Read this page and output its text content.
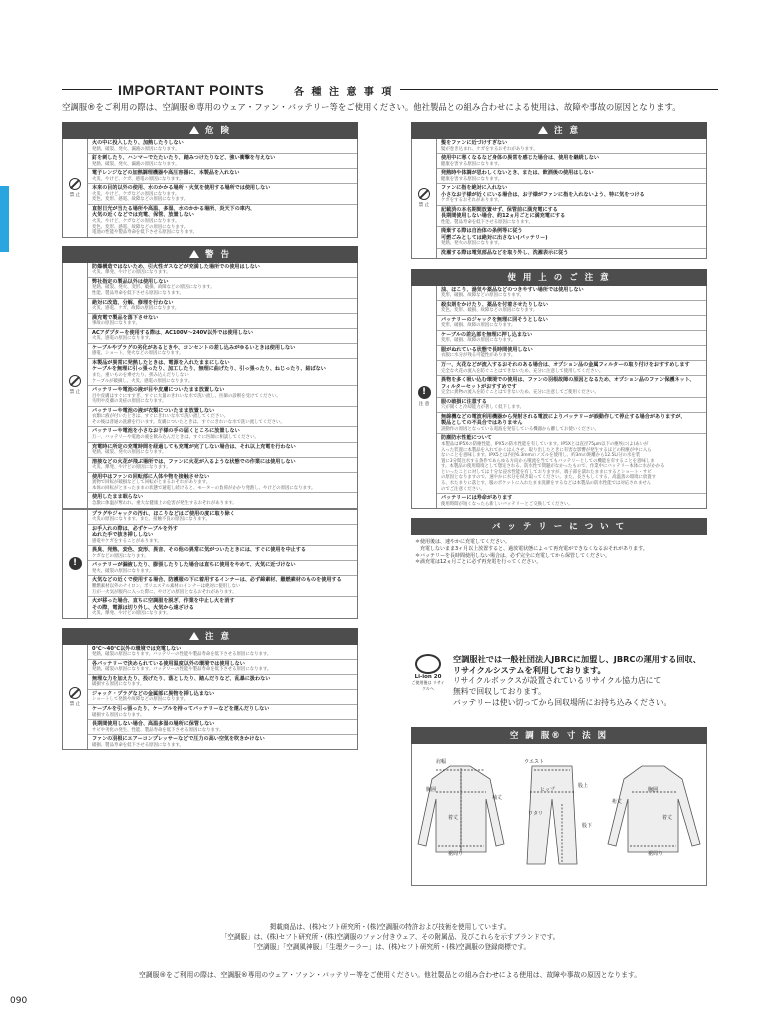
IMPORTANT POINTS	各 種 注 意 事 項
空調服®をご利用の際は、空調服®専用のウェア・ファン・バッテリー等をご使用ください。他社製品との組み合わせによる使用は、故障や事故の原因となります。
危 険
禁 止
火の中に投入したり、加熱したりしない
発熱、破裂、発火、漏液の原因になります。
釘を刺したり、ハンマーでたたいたり、踏みつけたりなど、強い衝撃を与えない
発熱、破裂、発火、漏液の原因になります。
電子レンジなどの加熱調理機器や高圧容器に、本製品を入れない
火災、やけど、ケガ、感電の原因になります。
本来の目的以外の使用、水のかかる場所・火気を使用する場所では使用しない
火災、やけど、ケガなどの原因になります。
変色、変形、感電、故障などの原因になります。
直射日光が当たる場所や高温、多湿、水のかかる場所、炎天下の車内、
火気の近くなどでは充電、保管、放置しない
火災、やけど、ケガなどの原因になります。
変色、変形、感電、故障などの原因になります。
電池の性能や製品寿命を低下させる原因になります。
警 告
禁 止
防爆構造ではないため、引火性ガスなどが充満した場所での使用はしない
火災、爆発、やけどの原因になります。
弊社指定の製品以外は使用しない
発熱、破裂、発火、変形、破損、故障などの原因になります。
性能、製品寿命を低下させる原因になります。
絶対に改造、分解、修理を行わない
火災、感電、ケガ、故障の原因になります。
満充電で製品を落下させない
事故の原因になります。
ACアダプターを使用する際は、AC100V〜240V以外では使用しない
火災、感電の原因になります。
ケーブルやプラグの劣化があるときや、コンセントの差し込みがゆるいときは使用しない
感電、ショート、発火などの原因になります。
本製品が異常に発熱したときは、電源を入れたままにしない
ケーブルを無理に引っ張ったり、加工したり、無理に曲げたり、引っ張ったり、ねじったり、結ばない
また、重いものを乗せたり、挟み込んだりしない
ケーブルが破損し、火災、感電の原因になります。
バッテリーや電池の液が目や皮膚についたまま放置しない
目や皮膚はすぐにすすぎ、すぐに大量のきれいな水で洗い流し、医師の診断を受けてください。
失明や皮膚の炎症の原因になります。
バッテリーや電池の液が衣類についたまま放置しない
衣類に液が付いたときは、すぐにきれいな水で洗い流してください。
その後は普通の洗濯を行います。皮膚についたときは、すぐにきれいな水で洗い流してください。
バッテリーや電池を小さなお子様の手の届くところに放置しない
万一、バッテリーや電池の液を飲み込んだときは、すぐに医師に相談してください。
充電時に所定の充電時間を経過しても充電が完了しない場合は、それ以上充電を行わない
発熱、破裂、発火の原因になります。
溶接などの火花が飛ぶ場所では、ファンに火花が入るような状態での作業には使用しない
火災、爆発、やけどの原因になります。
使用中はファンの回転部に人体や物を接触させない
異物で回転が破損などして回転がとまるおそれがあります。
本体の回転がとまったままの状態で通電し続けると、モーターの負荷がかかり発熱し、やけどの原因になります。
使用したまま眠らない
急激に体温が奪われ、重大な健康上の危害が発生するおそれがあります。
!
プラグやジャックの汚れ、ほこりなどはご使用の度に取り除く
火災の原因になります。また、接触不良の原因になります。
お手入れの際は、必ずケーブルを外す
ぬれた手で抜き挿ししない
感電やケガをすることがあります。
異臭、発熱、変色、変形、異音、その他の異常に気がついたときには、すぐに使用を中止する
ケガなどの原因になります。
バッテリーが漏液したり、膨張したりした場合は直ちに使用をやめて、火気に近づけない
発火、破裂の原因になります。
火気などの近くで使用する場合、防護服の下に着用するインナーは、必ず綿素材、難燃素材のものを使用する
難燃素材以外のナイロン、ポリエステル素材のインナーは絶対に使用しない
万が一火気が服内に入った際に、やけどの原因となるおそれがあります。
火が移った場合、直ちに空調服を脱ぎ、作業を中止し火を消す
その際、電源は切り外し、火気から遠ざける
火災、爆発、やけどの原因になります。
注 意
禁 止
0℃〜40℃以外の環境では充電しない
発熱、破裂の原因になります。バッテリーの性能や製品寿命を低下させる原因になります。
各バッテリーで決められている使用温度以外の環境では使用しない
発熱、破裂の原因になります。バッテリーの性能や製品寿命を低下させる原因になります。
無理な力を加えたり、投げたり、落としたり、踏んだりなど、乱暴に扱わない
破損する原因になります。
ジャック・プラグなどの金属部に異物を挿し込まない
ショートして発熱や故障などの原因になります。
ケーブルを引っ張ったり、ケーブルを持ってバッテリーなどを運んだりしない
破損する原因になります。
長期間使用しない場合、高温多湿の場所に保管しない
サビや劣化の発生、性能、製品寿命を低下させる原因になります。
ファンの羽根にエアーコンプレッサーなどで圧力の高い空気を吹きかけない
破損、製品寿命を低下させる原因になります。
注 意
禁 止
髪をファンに近づけすぎない
髪が巻き込まれ、ケガをするおそれがあります。
使用中に寒くなるなど身体の異常を感じた場合は、使用を継続しない
健康を害する原因になります。
発熱時や体調が思わしくないとき、または、飲酒後の使用はしない
健康を害する原因になります。
ファンに指を絶対に入れない
小さなお子様が近くにいる場合は、お子様がファンに指を入れないよう、特に気をつける
ケガをするおそれがあります。
記載済の本名期間放置せず、保管前に満充電にする
長期間使用しない場合、約12ヵ月ごとに満充電にする
性能、製品寿命を低下させる原因になります。
廃棄する際は自治体の条例等に従う
可燃ごみとしては絶対に出さない(バッテリー)
発熱、発火の原因になります。
洗濯する際は電気部品などを取り外し、洗濯表示に従う
使 用 上 の ご 注 意
!
注 意
油、ほこり、湯気や薬品などのつきやすい場所では使用しない
変形、破損、故障などの原因になります。
殺虫剤をかけたり、薬品を付着させたりしない
変色、変形、破損、故障などの原因になります。
バッテリーのジャックを無理に回そうとしない
変形、破損、故障の原因になります。
ケーブルの差込部を無理に押し込まない
変形、破損、故障の原因になります。
服がぬれている状態で長時間使用しない
衣服に水分が残る可能性があります。
万一、火花などが流入するおそれのある場合は、オプション品の金属フィルターの取り付けをおすすめします
完全な火花の流入を防ぐことはできないため、充分に注意して使用してください。
異物を多く吸い込む環境での使用は、ファンの羽根故障の原因となるため、オプション品のファン保護ネット、
フィルターセットがおすすめです
完全に異物の流入を防ぐことはできないため、充分に注意してご使用ください。
服の破損に注意する
穴が開くと冷却能力が著しく低下します。
無線機などの電波利用機器から発射される電波によりバッテリーが誤動作して停止する場合がありますが、
製品としての不具合ではありません
誤動作の原因となっている電波を発信している機器から離してお使いください。
防塵防水性能について
本製品はIP5Xの防塵性能、IPX5の防水性能を有しています。IP5Xとは直径75μm以下の塵埃に(よ)あいが
入った装置に本製品を入れてかくはんさせ、取り出したときに有害な影響が発生するほどの粉塵が中に入ら
ないことを意味します。IPX5とは内径6.3mmのノズルを使用し、約3mの距離から12.5L/分の水を装
置に3分間注水する条件であらゆる方向から噴流を当ててもバッテリーとしての機能を有することを意味しま
す。本製品の使用環境として想定される、防水性で問題がなかったもので、作業中にバッテリー本体に水がかかる
といったことに対しては十分な浸水性能を有しておりますが、端子部を濡れたままにするとショート・サビ
の原因となりますので、速やかに水分を拭き取ってください。また、長さもしくする、高温蒸の環境に放置す
る、水たまりに落とす、服のポケットに入れたまま洗濯をするなどは本製品の防水性能では対応されません
のでご注意ください。
バッテリーには寿命があります
使用時間が短くなったら新しいバッテリーとご交換してください。
バ ッ テ リ ー に つ い て
＊使用後は、速やかに充電してください。
　充電しないまま3ヶ月以上放置すると、過放電状態によって再充電ができなくなるおそれがあります。
＊バッテリーを長時間使用しない場合は、必ず完全に充電してから保管してください。
＊満充電は12ヵ月ごとに必ず再充電を行ってください。
Li-ion 20
ご使用後は リサイクルへ
空調服社では一般社団法人JBRCに加盟し、JBRCの運用する回収、
リサイクルシステムを利用しております。
リサイクルボックスが設置されているリサイクル協力店にて
無料で回収しております。
バッテリーは使い切ってから回収場所にお持ち込みください。
空 調 服® 寸 法 図
肩幅
胸囲
袖丈
着丈
裾周り
ウエスト
ヒップ
ワタリ
股上
股下
裄丈
胸囲
着丈
裾周り
掲載商品は、(株)セフト研究所・(株)空調服の特許および技術を使用しています。
「空調服」は、(株)セフト研究所・(株)空調服のファン付きウェア、その附属品、及びこれらを示すブランドです。
「空調服」「空調風神服」「生理クーラー」は、(株)セフト研究所・(株)空調服の登録商標です。
空調服®をご利用の際は、空調服®専用のウェア・ファン・バッテリー等をご使用ください。他社製品との組み合わせによる使用は、故障や事故の原因となります。
090
